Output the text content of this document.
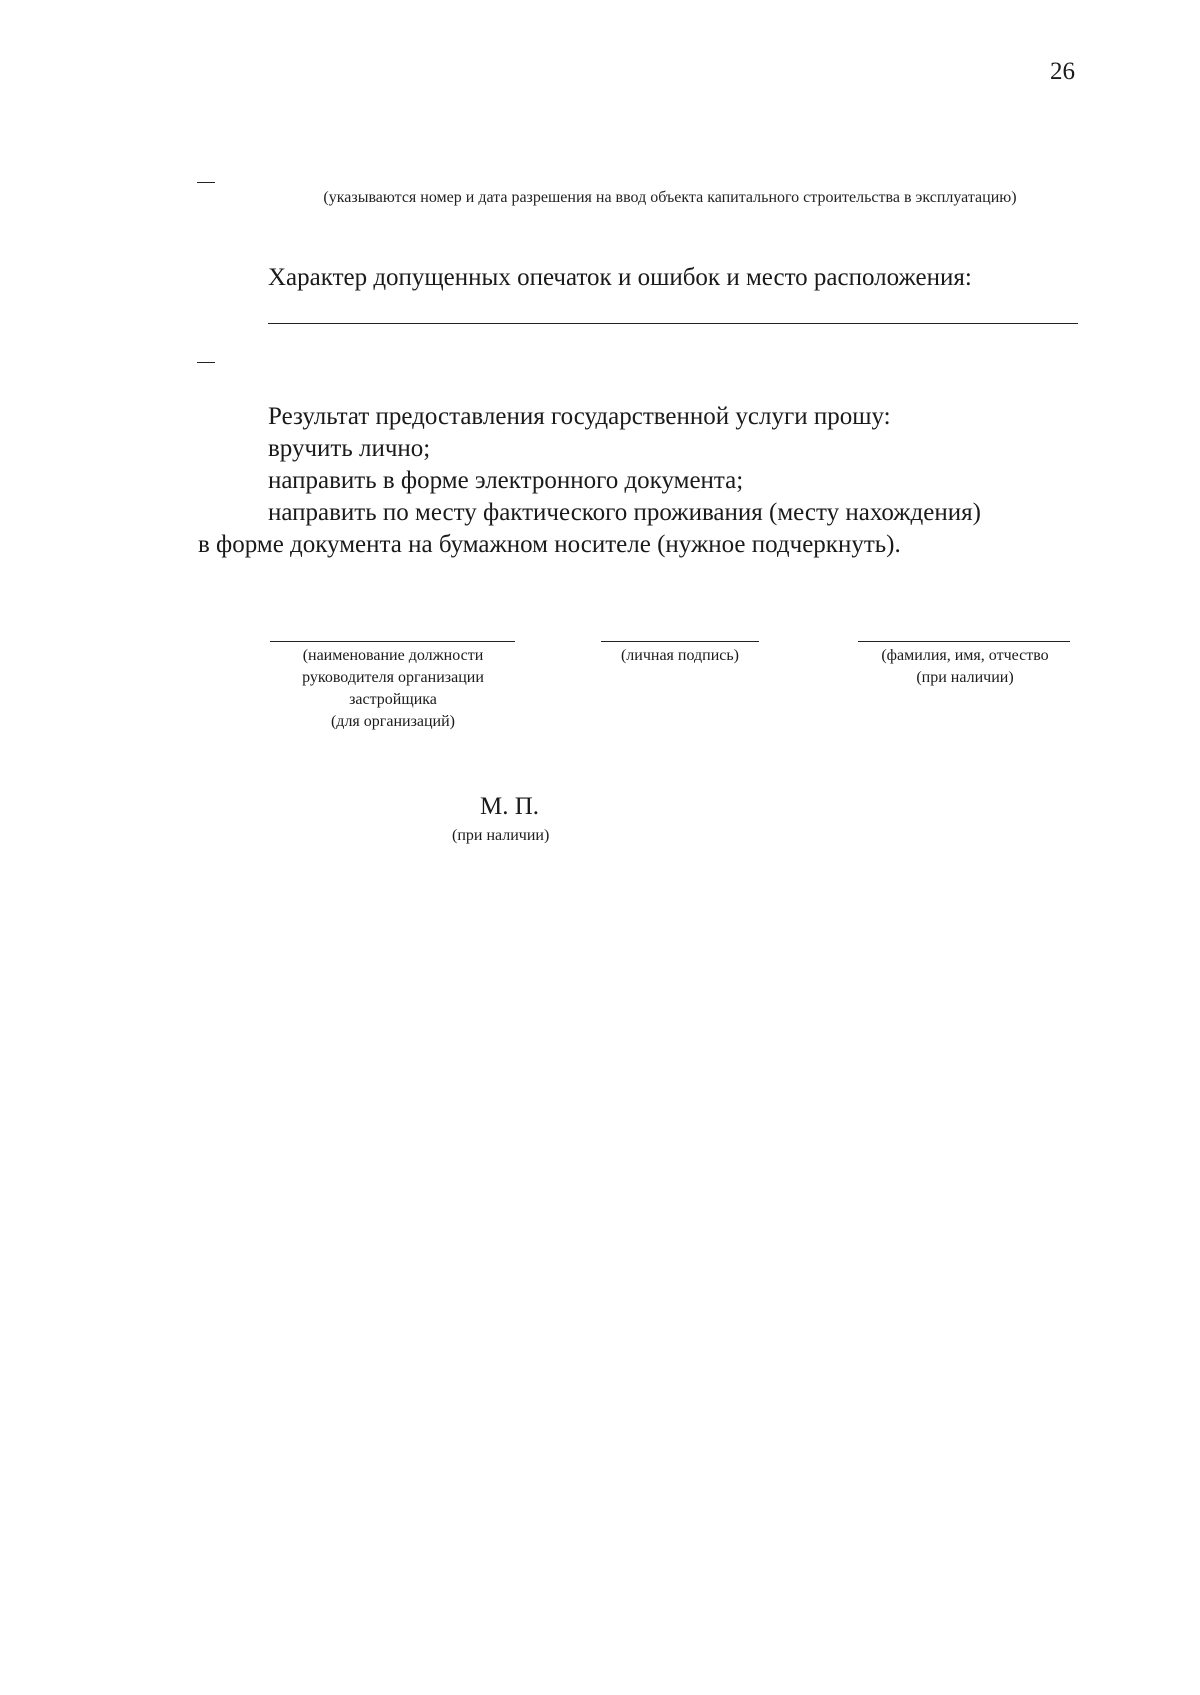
26
(указываются номер и дата разрешения на ввод объекта капитального строительства в эксплуатацию)
Характер допущенных опечаток и ошибок и место расположения:
Результат предоставления государственной услуги прошу:
вручить лично;
направить в форме электронного документа;
направить по месту фактического проживания (месту нахождения)
в форме документа на бумажном носителе (нужное подчеркнуть).
(наименование должности
руководителя организации
застройщика
(для организаций)
(личная подпись)	(фамилия, имя, отчество
(при наличии)
М. П.
(при наличии)
